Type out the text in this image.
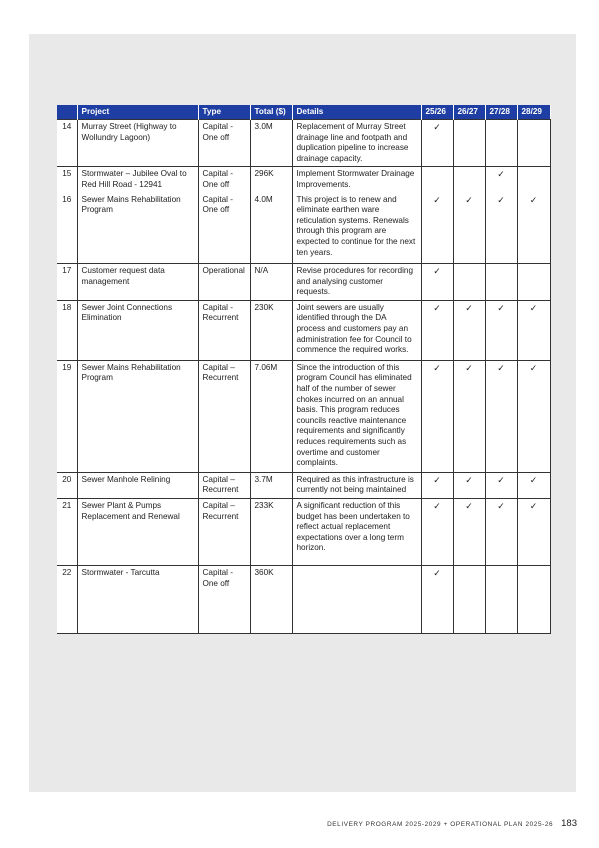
	Project	Type	Total ($)	Details	25/26	26/27	27/28	28/29
14	Murray Street (Highway to Wollundry Lagoon)	Capital - One off	3.0M	Replacement of Murray Street drainage line and footpath and duplication pipeline to increase drainage capacity.	✓			
15	Stormwater – Jubilee Oval to Red Hill Road - 12941	Capital - One off	296K	Implement Stormwater Drainage Improvements.			✓	
16	Sewer Mains Rehabilitation Program	Capital - One off	4.0M	This project is to renew and eliminate earthen ware reticulation systems. Renewals through this program are expected to continue for the next ten years.	✓	✓	✓	✓
17	Customer request data management	Operational	N/A	Revise procedures for recording and analysing customer requests.	✓			
18	Sewer Joint Connections Elimination	Capital - Recurrent	230K	Joint sewers are usually identified through the DA process and customers pay an administration fee for Council to commence the required works.	✓	✓	✓	✓
19	Sewer Mains Rehabilitation Program	Capital – Recurrent	7.06M	Since the introduction of this program Council has eliminated half of the number of sewer chokes incurred on an annual basis. This program reduces councils reactive maintenance requirements and significantly reduces requirements such as overtime and customer complaints.	✓	✓	✓	✓
20	Sewer Manhole Relining	Capital – Recurrent	3.7M	Required as this infrastructure is currently not being maintained	✓	✓	✓	✓
21	Sewer Plant & Pumps Replacement and Renewal	Capital – Recurrent	233K	A significant reduction of this budget has been undertaken to reflect actual replacement expectations over a long term horizon.	✓	✓	✓	✓
22	Stormwater - Tarcutta	Capital - One off	360K		✓			
DELIVERY PROGRAM 2025-2029 + OPERATIONAL PLAN 2025-26 183
